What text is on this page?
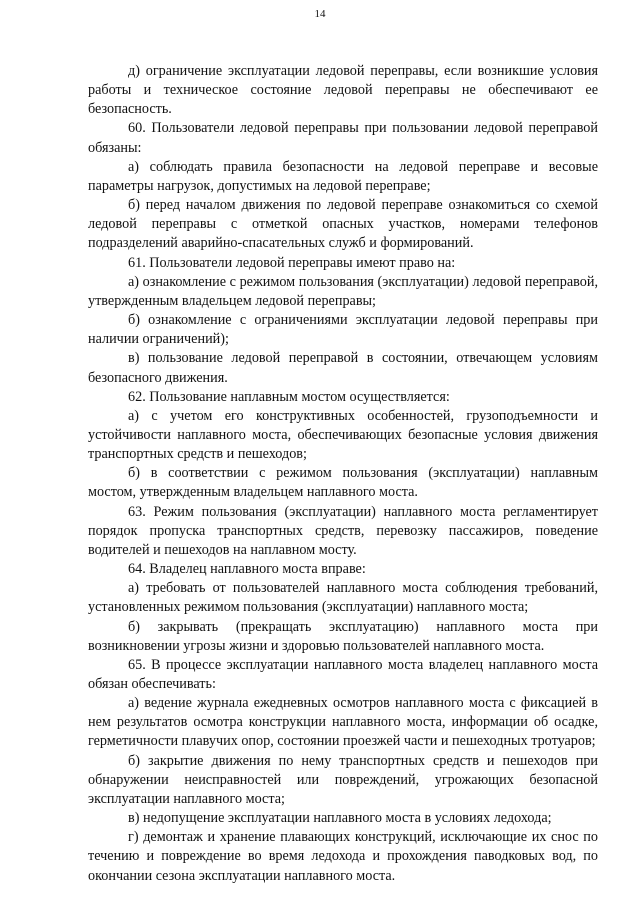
14

д) ограничение эксплуатации ледовой переправы, если возникшие условия работы и техническое состояние ледовой переправы не обеспечивают ее безопасность.

60. Пользователи ледовой переправы при пользовании ледовой переправой обязаны:

а) соблюдать правила безопасности на ледовой переправе и весовые параметры нагрузок, допустимых на ледовой переправе;

б) перед началом движения по ледовой переправе ознакомиться со схемой ледовой переправы с отметкой опасных участков, номерами телефонов подразделений аварийно-спасательных служб и формирований.

61. Пользователи ледовой переправы имеют право на:

а) ознакомление с режимом пользования (эксплуатации) ледовой переправой, утвержденным владельцем ледовой переправы;

б) ознакомление с ограничениями эксплуатации ледовой переправы при наличии ограничений);

в) пользование ледовой переправой в состоянии, отвечающем условиям безопасного движения.

62. Пользование наплавным мостом осуществляется:

а) с учетом его конструктивных особенностей, грузоподъемности и устойчивости наплавного моста, обеспечивающих безопасные условия движения транспортных средств и пешеходов;

б) в соответствии с режимом пользования (эксплуатации) наплавным мостом, утвержденным владельцем наплавного моста.

63. Режим пользования (эксплуатации) наплавного моста регламентирует порядок пропуска транспортных средств, перевозку пассажиров, поведение водителей и пешеходов на наплавном мосту.

64. Владелец наплавного моста вправе:

а) требовать от пользователей наплавного моста соблюдения требований, установленных режимом пользования (эксплуатации) наплавного моста;

б) закрывать (прекращать эксплуатацию) наплавного моста при возникновении угрозы жизни и здоровью пользователей наплавного моста.

65. В процессе эксплуатации наплавного моста владелец наплавного моста обязан обеспечивать:

а) ведение журнала ежедневных осмотров наплавного моста с фиксацией в нем результатов осмотра конструкции наплавного моста, информации об осадке, герметичности плавучих опор, состоянии проезжей части и пешеходных тротуаров;

б) закрытие движения по нему транспортных средств и пешеходов при обнаружении неисправностей или повреждений, угрожающих безопасной эксплуатации наплавного моста;

в) недопущение эксплуатации наплавного моста в условиях ледохода;

г) демонтаж и хранение плавающих конструкций, исключающие их снос по течению и повреждение во время ледохода и прохождения паводковых вод, по окончании сезона эксплуатации наплавного моста.
